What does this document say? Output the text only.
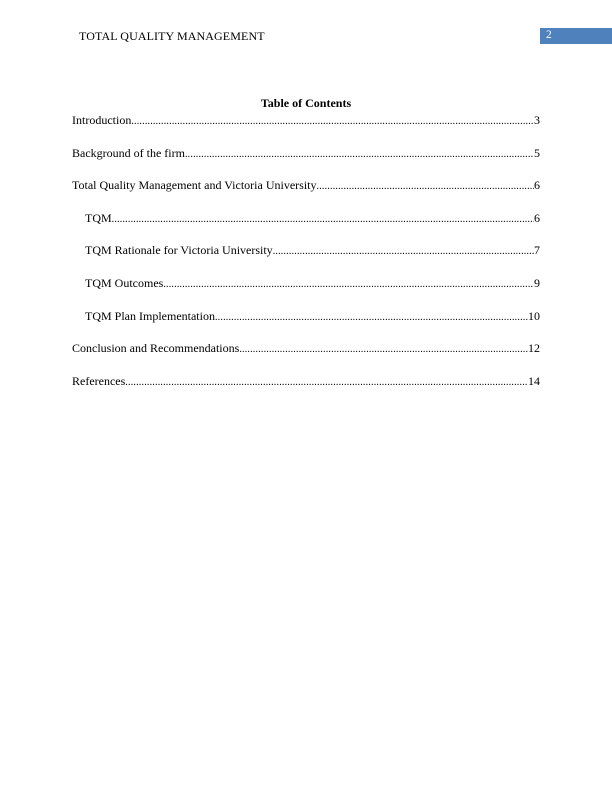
TOTAL QUALITY MANAGEMENT	2
Table of Contents
Introduction .....	3
Background of the firm .....	5
Total Quality Management and Victoria University .....	6
TQM .....	6
TQM Rationale for Victoria University .....	7
TQM Outcomes .....	9
TQM Plan Implementation .....	10
Conclusion and Recommendations .....	12
References .....	14
